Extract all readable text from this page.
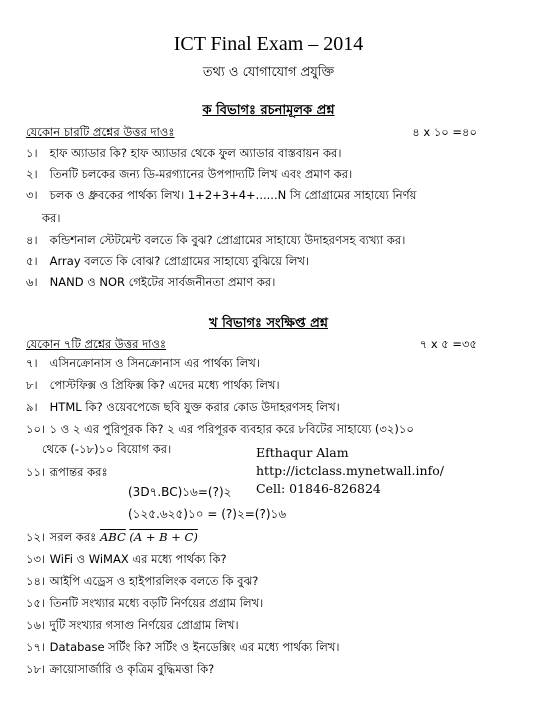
ICT Final Exam – 2014
তথ্য ও যোগাযোগ প্রযুক্তি
ক বিভাগঃ রচনামূলক প্রশ্ন
যেকোন চারটি প্রশ্নের উত্তর দাওঃ	৪ x ১০ =৪০
১। হাফ অ্যাডার কি? হাফ অ্যাডার থেকে ফুল অ্যাডার বাস্তবায়ন কর।
২। তিনটি চলকের জন্য ডি-মরগ্যানের উপপাদ্যটি লিখ এবং প্রমাণ কর।
৩। চলক ও ধ্রুবকের পার্থক্য লিখ। 1+2+3+4+......N সি প্রোগ্রামের সাহায্যে নির্ণয়
কর।
৪। কন্ডিশনাল স্টেটমেন্ট বলতে কি বুঝ? প্রোগ্রামের সাহায্যে উদাহরণসহ ব্যখ্যা কর।
৫। Array বলতে কি বোঝ? প্রোগ্রামের সাহায্যে বুঝিয়ে লিখ।
৬। NAND ও NOR গেইটের সার্বজনীনতা প্রমাণ কর।
খ বিভাগঃ সংক্ষিপ্ত প্রশ্ন
যেকোন ৭টি প্রশ্নের উত্তর দাওঃ	৭ x ৫ =৩৫
৭। এসিনক্রোনাস ও সিনক্রোনাস এর পার্থক্য লিখ।
৮। পোস্টফিক্স ও প্রিফিক্স কি? এদের মধ্যে পার্থক্য লিখ।
৯। HTML কি? ওয়েবপেজে ছবি যুক্ত করার কোড উদাহরণসহ লিখ।
১০। ১ ও ২ এর পুরিপূরক কি? ২ এর পরিপূরক ব্যবহার করে ৮বিটের সাহায্যে (৩২)১০
থেকে (-১৮)১০ বিয়োগ কর।
১১। রূপান্তর করঃ
(3D৭.BC)১৬=(?)২
(১২৫.৬২৫)১০ = (?)২=(?)১৬
১২। সরল করঃ $\overline{ABC}$ (A + B + C)
১৩। WiFi ও WiMAX এর মধ্যে পার্থক্য কি?
১৪। আইপি এড্রেস ও হাইপারলিংক বলতে কি বুঝ?
১৫। তিনটি সংখ্যার মধ্যে বড়টি নির্ণয়ের প্রগ্রাম লিখ।
১৬। দুটি সংখ্যার গসাগু নির্ণয়ের প্রোগ্রাম লিখ।
১৭। Database সর্টিং কি? সর্টিং ও ইনডেক্সিং এর মধ্যে পার্থক্য লিখ।
১৮। ক্রায়োসার্জারি ও কৃত্রিম বুদ্ধিমত্তা কি?
Efthaqur Alam
http://ictclass.mynetwall.info/
Cell: 01846-826824
